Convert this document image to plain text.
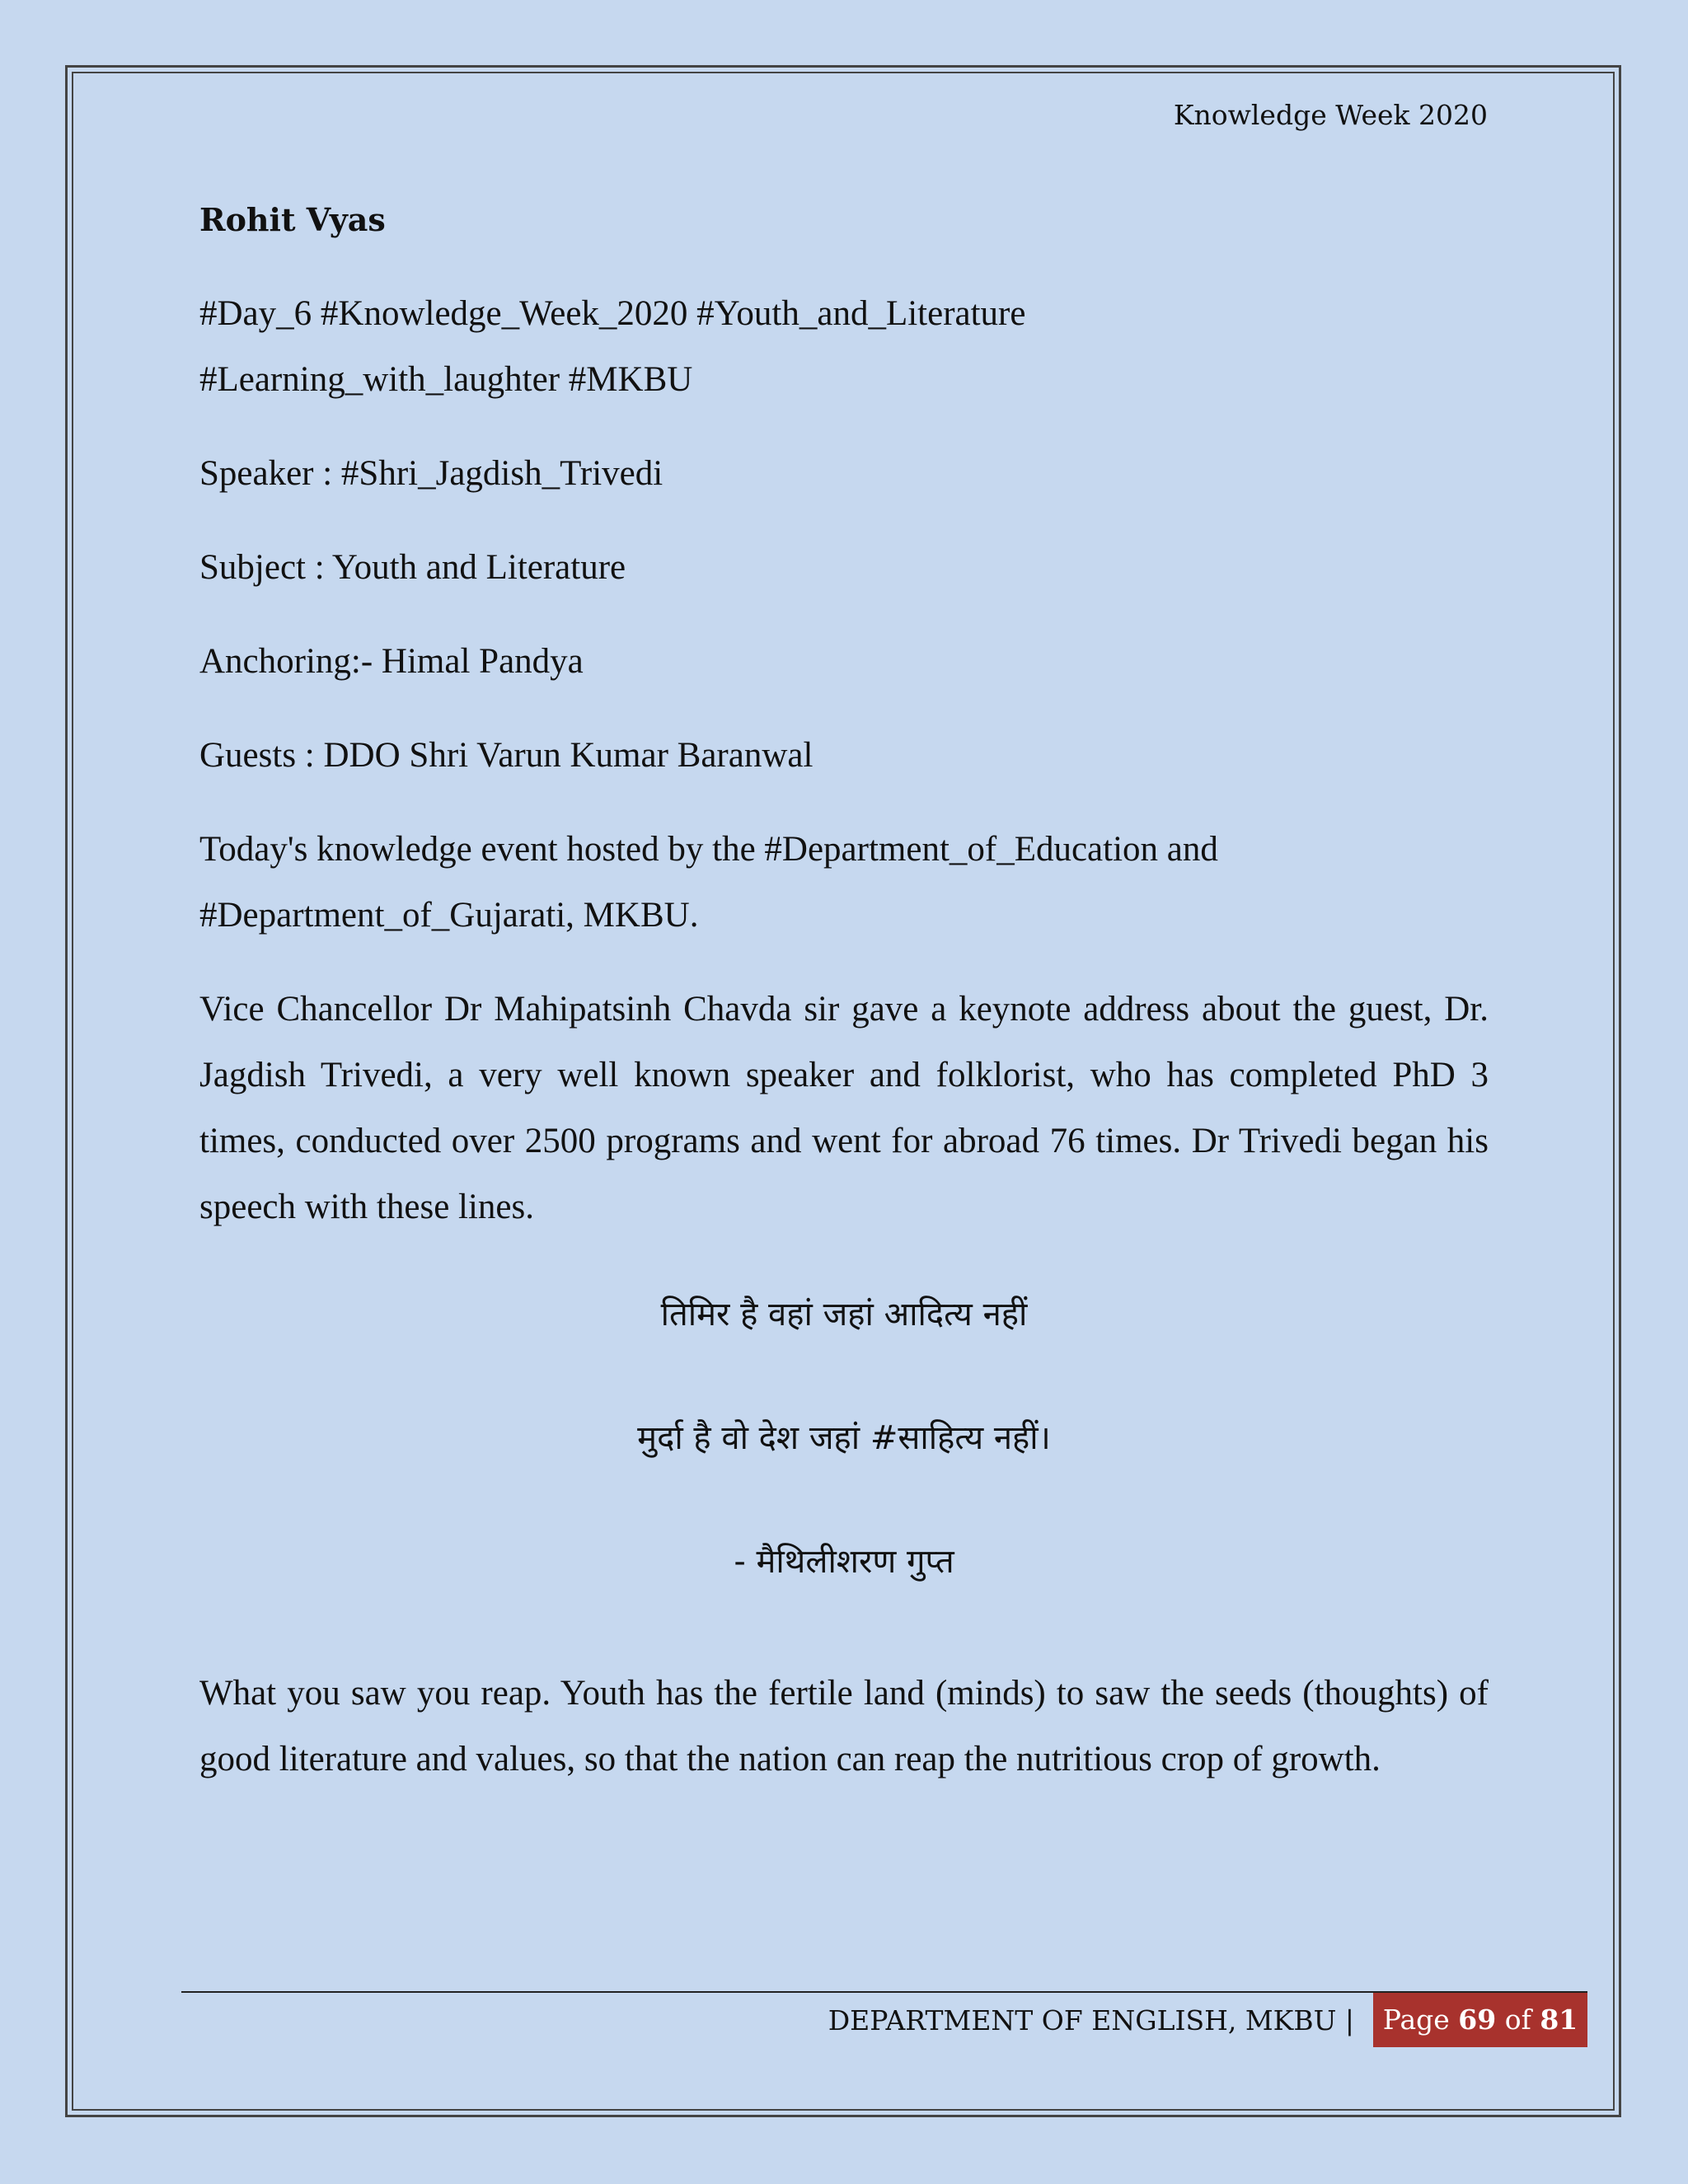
Knowledge Week 2020
Rohit Vyas

#Day_6 #Knowledge_Week_2020 #Youth_and_Literature
#Learning_with_laughter #MKBU

Speaker : #Shri_Jagdish_Trivedi

Subject : Youth and Literature

Anchoring:- Himal Pandya

Guests : DDO Shri Varun Kumar Baranwal

Today's knowledge event hosted by the #Department_of_Education and
#Department_of_Gujarati, MKBU.

Vice Chancellor Dr Mahipatsinh Chavda sir gave a keynote address about the guest, Dr. Jagdish Trivedi, a very well known speaker and folklorist, who has completed PhD 3 times, conducted over 2500 programs and went for abroad 76 times. Dr Trivedi began his speech with these lines.

तिमिर है वहां जहां आदित्य नहीं
मुर्दा है वो देश जहां #साहित्य नहीं।
- मैथिलीशरण गुप्त

What you saw you reap. Youth has the fertile land (minds) to saw the seeds (thoughts) of good literature and values, so that the nation can reap the nutritious crop of growth.

DEPARTMENT OF ENGLISH, MKBU |	Page 69 of 81
